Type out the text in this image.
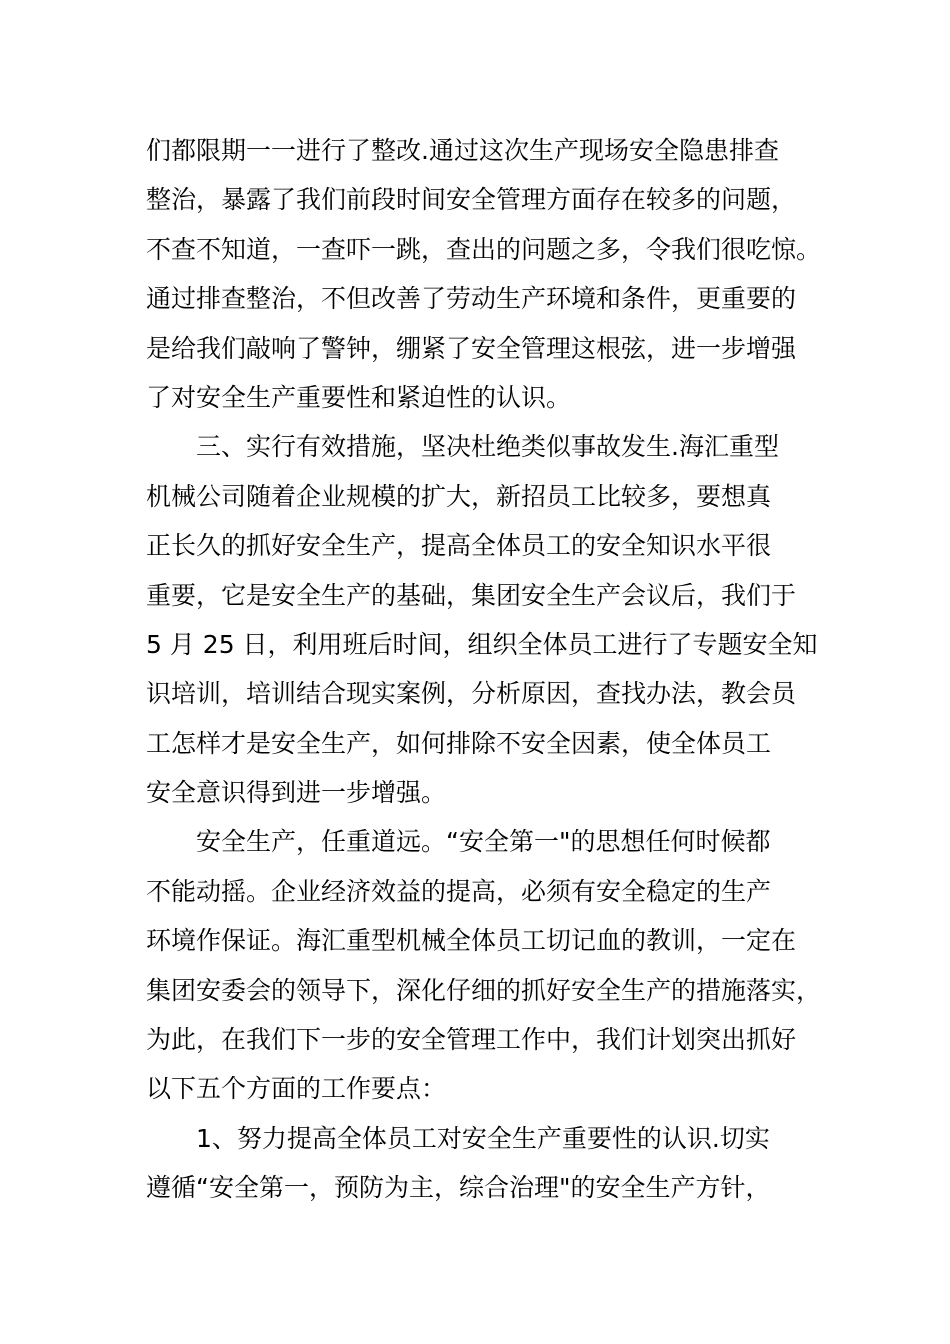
们都限期一一进行了整改.通过这次生产现场安全隐患排查
整治，暴露了我们前段时间安全管理方面存在较多的问题，
不查不知道，一查吓一跳，查出的问题之多，令我们很吃惊。
通过排查整治，不但改善了劳动生产环境和条件，更重要的
是给我们敲响了警钟，绷紧了安全管理这根弦，进一步增强
了对安全生产重要性和紧迫性的认识。
三、实行有效措施，坚决杜绝类似事故发生.海汇重型
机械公司随着企业规模的扩大，新招员工比较多，要想真
正长久的抓好安全生产，提高全体员工的安全知识水平很
重要，它是安全生产的基础，集团安全生产会议后，我们于
5 月 25 日，利用班后时间，组织全体员工进行了专题安全知
识培训，培训结合现实案例，分析原因，查找办法，教会员
工怎样才是安全生产，如何排除不安全因素，使全体员工
安全意识得到进一步增强。
安全生产，任重道远。“安全第一"的思想任何时候都
不能动摇。企业经济效益的提高，必须有安全稳定的生产
环境作保证。海汇重型机械全体员工切记血的教训，一定在
集团安委会的领导下，深化仔细的抓好安全生产的措施落实，
为此，在我们下一步的安全管理工作中，我们计划突出抓好
以下五个方面的工作要点：
1、努力提高全体员工对安全生产重要性的认识.切实
遵循“安全第一，预防为主，综合治理"的安全生产方针，
